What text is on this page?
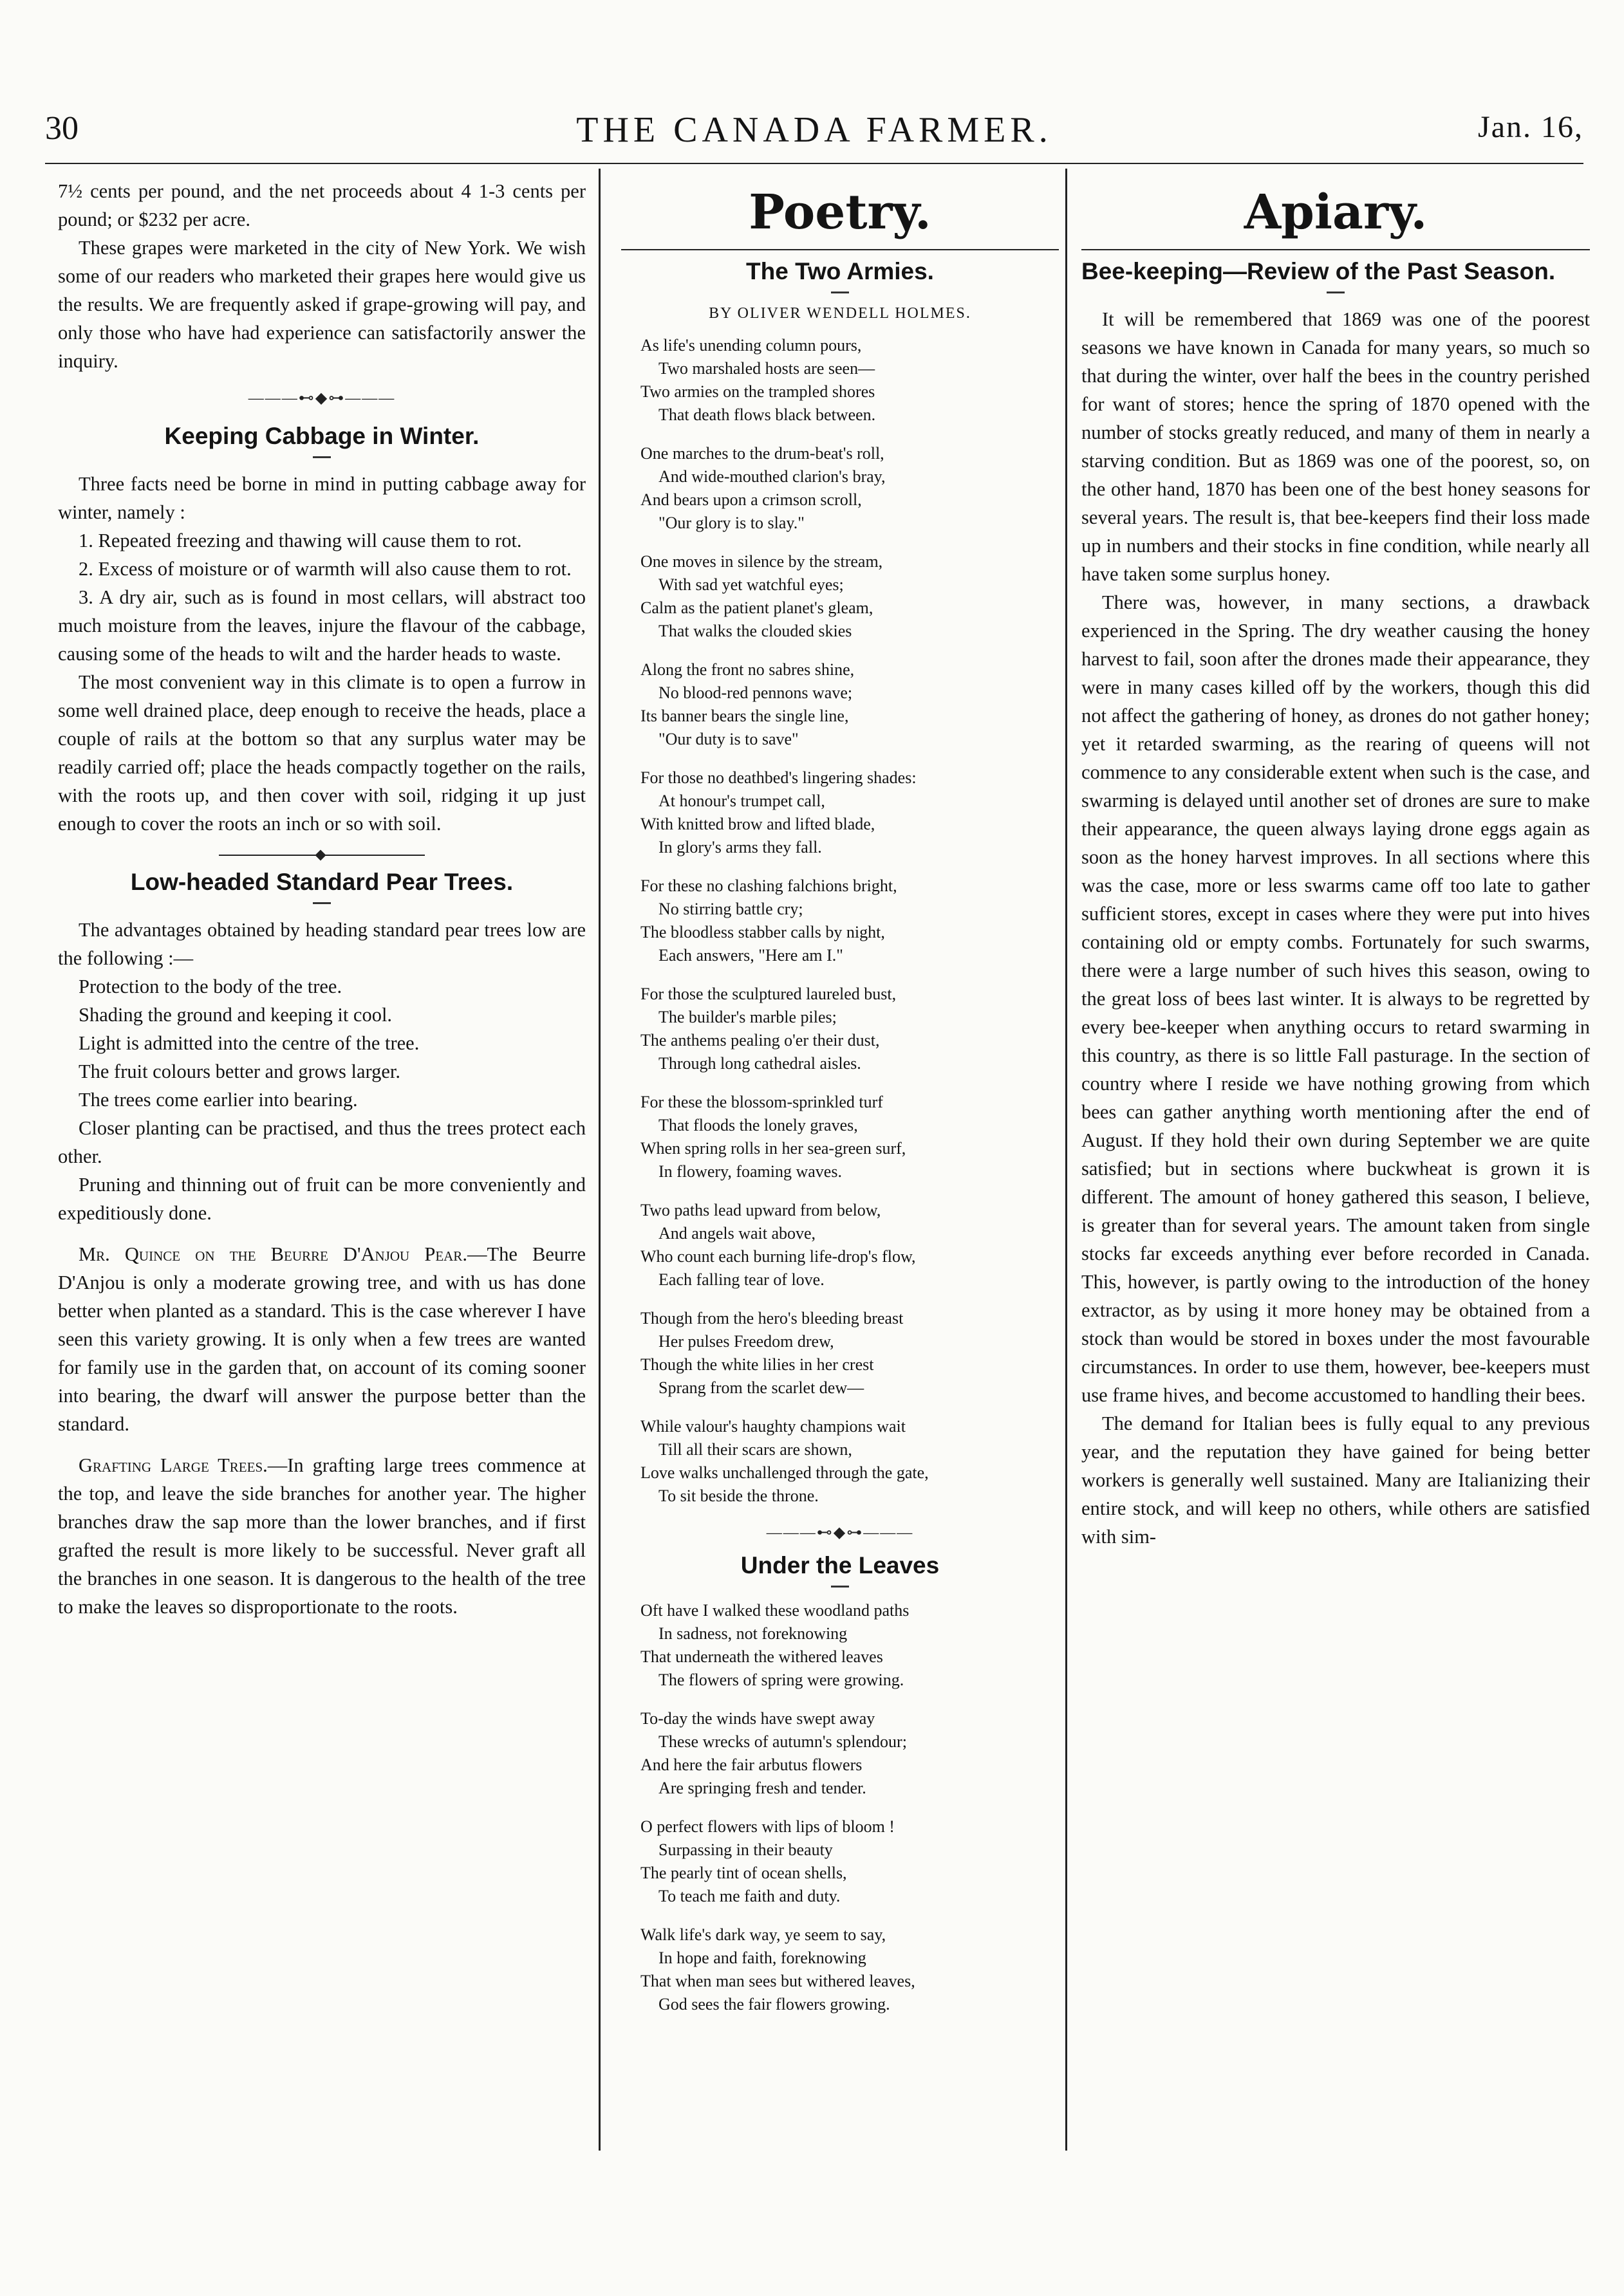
30	THE CANADA FARMER.	Jan. 16,

7½ cents per pound, and the net proceeds about 4 1-3 cents per pound; or $232 per acre.

These grapes were marketed in the city of New York. We wish some of our readers who marketed their grapes here would give us the results. We are frequently asked if grape-growing will pay, and only those who have had experience can satisfactorily answer the inquiry.

———⊷◆⊶———
Keeping Cabbage in Winter.

Three facts need be borne in mind in putting cabbage away for winter, namely :

1. Repeated freezing and thawing will cause them to rot.

2. Excess of moisture or of warmth will also cause them to rot.

3. A dry air, such as is found in most cellars, will abstract too much moisture from the leaves, injure the flavour of the cabbage, causing some of the heads to wilt and the harder heads to waste.

The most convenient way in this climate is to open a furrow in some well drained place, deep enough to receive the heads, place a couple of rails at the bottom so that any surplus water may be readily carried off; place the heads compactly together on the rails, with the roots up, and then cover with soil, ridging it up just enough to cover the roots an inch or so with soil.

Low-headed Standard Pear Trees.

The advantages obtained by heading standard pear trees low are the following :—

Protection to the body of the tree.

Shading the ground and keeping it cool.

Light is admitted into the centre of the tree.

The fruit colours better and grows larger.

The trees come earlier into bearing.

Closer planting can be practised, and thus the trees protect each other.

Pruning and thinning out of fruit can be more conveniently and expeditiously done.

Mr. Quince on the Beurre D'Anjou Pear.—The Beurre D'Anjou is only a moderate growing tree, and with us has done better when planted as a standard. This is the case wherever I have seen this variety growing. It is only when a few trees are wanted for family use in the garden that, on account of its coming sooner into bearing, the dwarf will answer the purpose better than the standard.

Grafting Large Trees.—In grafting large trees commence at the top, and leave the side branches for another year. The higher branches draw the sap more than the lower branches, and if first grafted the result is more likely to be successful. Never graft all the branches in one season. It is dangerous to the health of the tree to make the leaves so disproportionate to the roots.

Poetry.
The Two Armies.
BY OLIVER WENDELL HOLMES.
As life's unending column pours,
Two marshaled hosts are seen—
Two armies on the trampled shores
That death flows black between.
One marches to the drum-beat's roll,
And wide-mouthed clarion's bray,
And bears upon a crimson scroll,
"Our glory is to slay."
One moves in silence by the stream,
With sad yet watchful eyes;
Calm as the patient planet's gleam,
That walks the clouded skies
Along the front no sabres shine,
No blood-red pennons wave;
Its banner bears the single line,
"Our duty is to save"
For those no deathbed's lingering shades:
At honour's trumpet call,
With knitted brow and lifted blade,
In glory's arms they fall.
For these no clashing falchions bright,
No stirring battle cry;
The bloodless stabber calls by night,
Each answers, "Here am I."
For those the sculptured laureled bust,
The builder's marble piles;
The anthems pealing o'er their dust,
Through long cathedral aisles.
For these the blossom-sprinkled turf
That floods the lonely graves,
When spring rolls in her sea-green surf,
In flowery, foaming waves.
Two paths lead upward from below,
And angels wait above,
Who count each burning life-drop's flow,
Each falling tear of love.
Though from the hero's bleeding breast
Her pulses Freedom drew,
Though the white lilies in her crest
Sprang from the scarlet dew—
While valour's haughty champions wait
Till all their scars are shown,
Love walks unchallenged through the gate,
To sit beside the throne.
———⊷◆⊶———
Under the Leaves
Oft have I walked these woodland paths
In sadness, not foreknowing
That underneath the withered leaves
The flowers of spring were growing.
To-day the winds have swept away
These wrecks of autumn's splendour;
And here the fair arbutus flowers
Are springing fresh and tender.
O perfect flowers with lips of bloom !
Surpassing in their beauty
The pearly tint of ocean shells,
To teach me faith and duty.
Walk life's dark way, ye seem to say,
In hope and faith, foreknowing
That when man sees but withered leaves,
God sees the fair flowers growing.
Apiary.
Bee-keeping—Review of the Past Season.

It will be remembered that 1869 was one of the poorest seasons we have known in Canada for many years, so much so that during the winter, over half the bees in the country perished for want of stores; hence the spring of 1870 opened with the number of stocks greatly reduced, and many of them in nearly a starving condition. But as 1869 was one of the poorest, so, on the other hand, 1870 has been one of the best honey seasons for several years. The result is, that bee-keepers find their loss made up in numbers and their stocks in fine condition, while nearly all have taken some surplus honey.

There was, however, in many sections, a drawback experienced in the Spring. The dry weather causing the honey harvest to fail, soon after the drones made their appearance, they were in many cases killed off by the workers, though this did not affect the gathering of honey, as drones do not gather honey; yet it retarded swarming, as the rearing of queens will not commence to any considerable extent when such is the case, and swarming is delayed until another set of drones are sure to make their appearance, the queen always laying drone eggs again as soon as the honey harvest improves. In all sections where this was the case, more or less swarms came off too late to gather sufficient stores, except in cases where they were put into hives containing old or empty combs. Fortunately for such swarms, there were a large number of such hives this season, owing to the great loss of bees last winter. It is always to be regretted by every bee-keeper when anything occurs to retard swarming in this country, as there is so little Fall pasturage. In the section of country where I reside we have nothing growing from which bees can gather anything worth mentioning after the end of August. If they hold their own during September we are quite satisfied; but in sections where buckwheat is grown it is different. The amount of honey gathered this season, I believe, is greater than for several years. The amount taken from single stocks far exceeds anything ever before recorded in Canada. This, however, is partly owing to the introduction of the honey extractor, as by using it more honey may be obtained from a stock than would be stored in boxes under the most favourable circumstances. In order to use them, however, bee-keepers must use frame hives, and become accustomed to handling their bees.

The demand for Italian bees is fully equal to any previous year, and the reputation they have gained for being better workers is generally well sustained. Many are Italianizing their entire stock, and will keep no others, while others are satisfied with sim-
